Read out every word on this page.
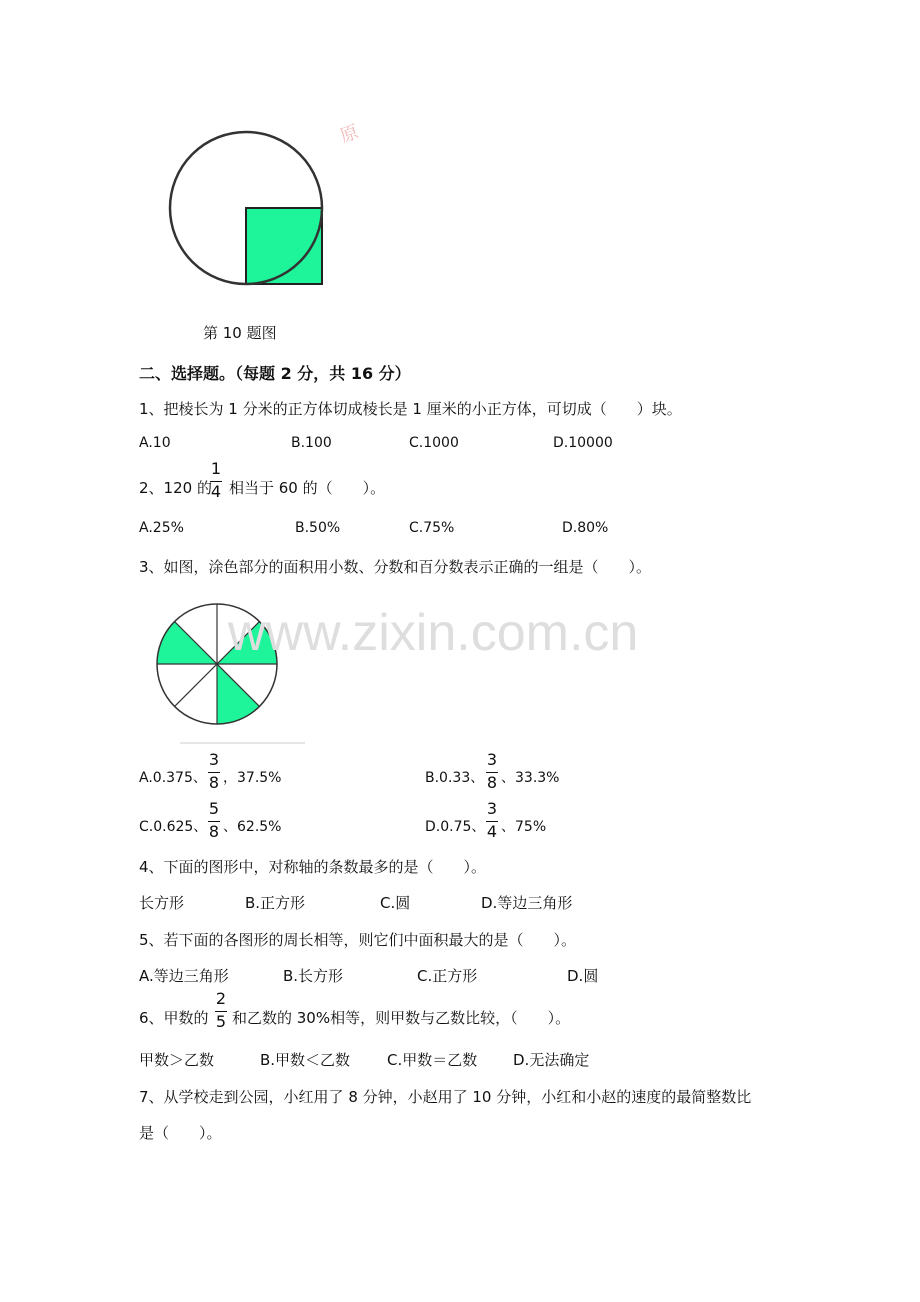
原
第 10 题图
二、选择题。（每题 2 分，共 16 分）
1、把棱长为 1 分米的正方体切成棱长是 1 厘米的小正方体，可切成（　　）块。
A.10	B.100	C.1000	D.10000
2、120 的
1
4 相当于 60 的（　　）。
A.25%	B.50%	C.75%	D.80%
3、如图，涂色部分的面积用小数、分数和百分数表示正确的一组是（　　）。
www.zixin.com.cn
A.0.375、
3
8 ，37.5%	B.0.33、
3
8 、33.3%
C.0.625、
5
8 、62.5%	D.0.75、
3
4 、75%
4、下面的图形中，对称轴的条数最多的是（　　）。
长方形	B.正方形	C.圆	D.等边三角形
5、若下面的各图形的周长相等，则它们中面积最大的是（　　）。
A.等边三角形	B.长方形	C.正方形	D.圆
6、甲数的
2
5 和乙数的 30%相等，则甲数与乙数比较，（　　）。
甲数＞乙数	B.甲数＜乙数 C.甲数＝乙数 D.无法确定
7、从学校走到公园，小红用了 8 分钟，小赵用了 10 分钟，小红和小赵的速度的最简整数比
是（　　）。
